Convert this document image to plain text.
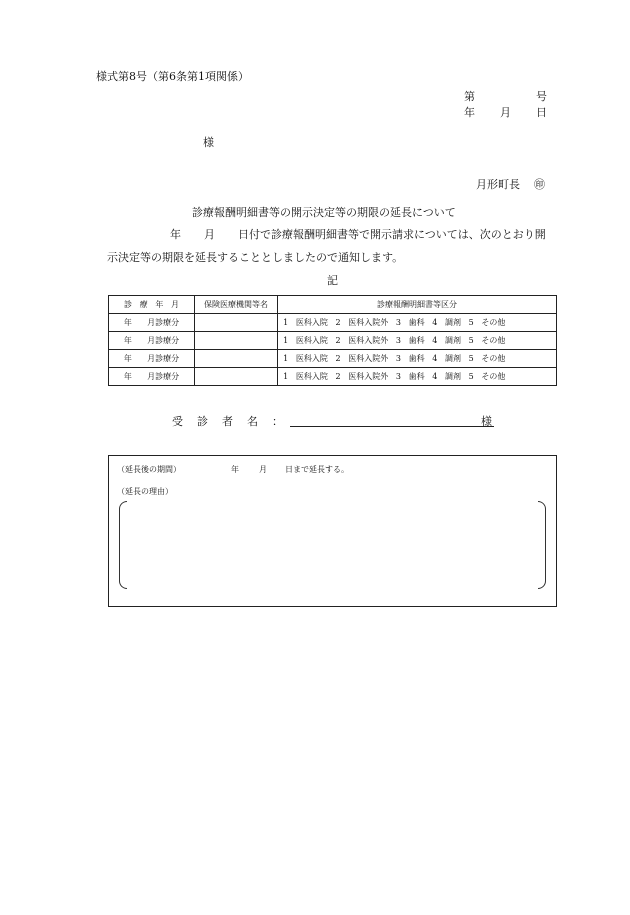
様式第8号（第6条第1項関係）
第	号
年 月 日
様
月形町長 ㊞
診療報酬明細書等の開示決定等の期限の延長について
年 月 日付で診療報酬明細書等で開示請求については、次のとおり開
示決定等の期限を延長することとしましたので通知します。
記
診 療 年 月	保険医療機関等名	診療報酬明細書等区分
年 月診療分		1 医科入院 2 医科入院外 3 歯科 4 調剤 5 その他
年 月診療分		1 医科入院 2 医科入院外 3 歯科 4 調剤 5 その他
年 月診療分		1 医科入院 2 医科入院外 3 歯科 4 調剤 5 その他
年 月診療分		1 医科入院 2 医科入院外 3 歯科 4 調剤 5 その他
受 診 者 名 ：	様
（延長後の期間）	年	月 日まで延長する。
（延長の理由）
